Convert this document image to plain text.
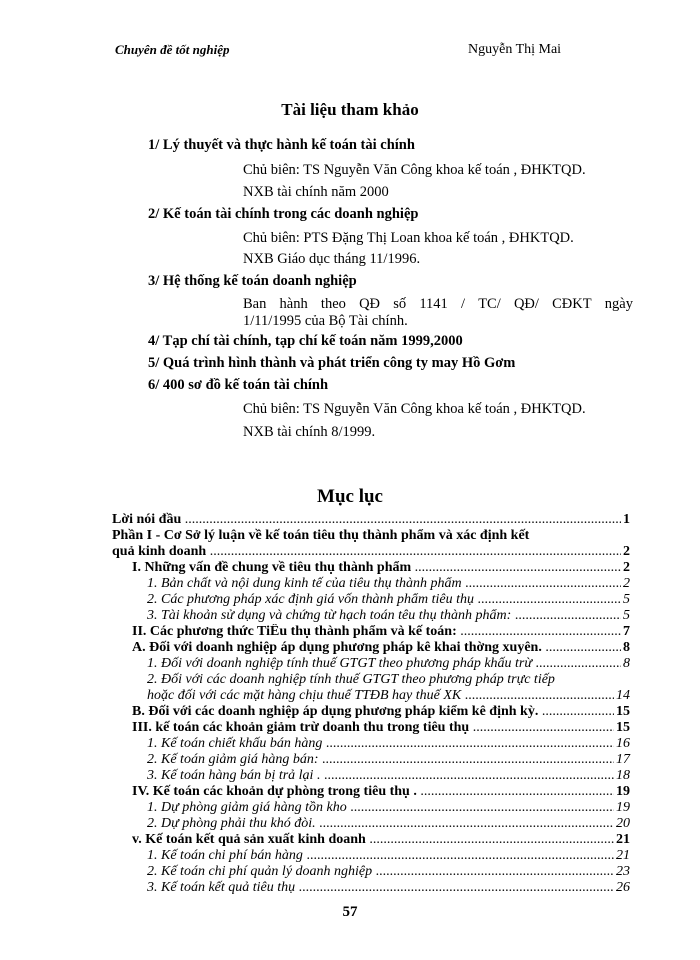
Chuyên đề tốt nghiệp	Nguyễn Thị Mai
Tài liệu tham khảo
1/ Lý thuyết và thực hành kế toán tài chính
Chủ biên: TS Nguyễn Văn Công khoa kế toán , ĐHKTQD.
NXB tài chính năm 2000
2/ Kế toán tài chính trong các doanh nghiệp
Chủ biên: PTS Đặng Thị Loan khoa kế toán , ĐHKTQD.
NXB Giáo dục tháng 11/1996.
3/ Hệ thống kế toán doanh nghiệp
Ban hành theo QĐ số 1141 / TC/ QĐ/ CĐKT ngày
1/11/1995 của Bộ Tài chính.
4/ Tạp chí tài chính, tạp chí kế toán năm 1999,2000
5/ Quá trình hình thành và phát triển công ty may Hồ Gơm
6/ 400 sơ đồ kế toán tài chính
Chủ biên: TS Nguyễn Văn Công khoa kế toán , ĐHKTQD.
NXB tài chính 8/1999.
Mục lục
Lời nói đầu .....	1
Phần I - Cơ Sở lý luận về kế toán tiêu thụ thành phẩm và xác định kết
quả kinh doanh .....	2
I. Những vấn đề chung về tiêu thụ thành phẩm .....	2
1. Bản chất và nội dung kinh tế của tiêu thụ thành phẩm .....	2
2. Các phương pháp xác định giá vốn thành phẩm tiêu thụ .....	5
3. Tài khoản sử dụng và chứng từ hạch toán têu thụ thành phẩm: .....	5
II. Các phương thức TiÊu thụ thành phẩm và kế toán: .....	7
A. Đối với doanh nghiệp áp dụng phương pháp kê khai thờng xuyên. .....	8
1. Đối với doanh nghiệp tính thuế GTGT theo phương pháp khấu trừ .....	8
2. Đối với các doanh nghiệp tính thuế GTGT theo phương pháp trực tiếp
hoặc đối với các mặt hàng chịu thuế TTĐB hay thuế XK .....	14
B. Đối với các doanh nghiệp áp dụng phương pháp kiểm kê định kỳ. .....	15
III. kế toán các khoản giảm trừ doanh thu trong tiêu thụ .....	15
1. Kế toán chiết khấu bán hàng .....	16
2. Kế toán giảm giá hàng bán: .....	17
3. Kế toán hàng bán bị trả lại . .....	18
IV. Kế toán các khoản dự phòng trong tiêu thụ . .....	19
1. Dự phòng giảm giá hàng tồn kho .....	19
2. Dự phòng phải thu khó đòi. .....	20
v. Kế toán kết quả sản xuất kinh doanh .....	21
1. Kế toán chi phí bán hàng .....	21
2. Kế toán chi phí quản lý doanh nghiệp .....	23
3. Kế toán kết quả tiêu thụ .....	26
57
